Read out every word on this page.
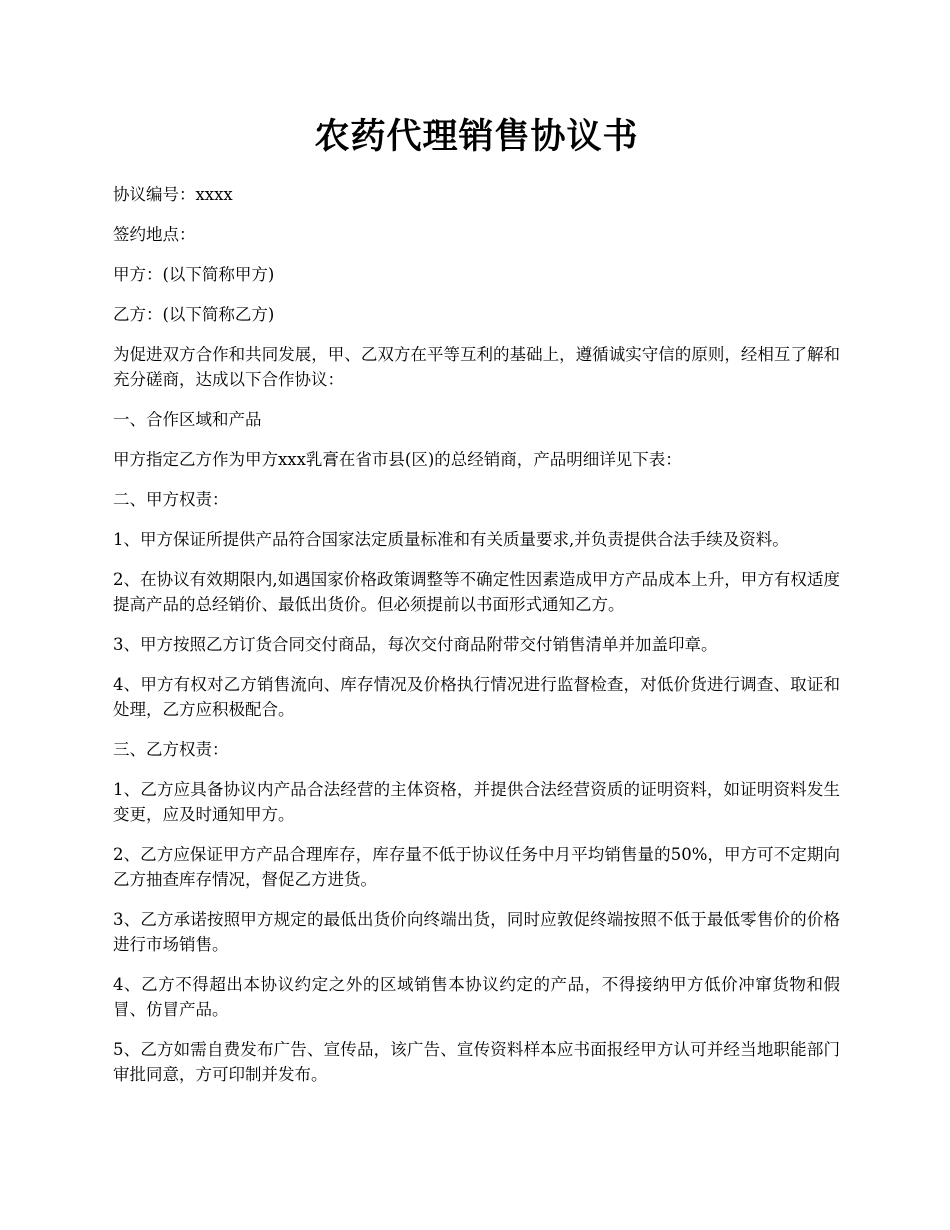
农药代理销售协议书

协议编号：xxxx

签约地点：

甲方：(以下简称甲方)

乙方：(以下简称乙方)

为促进双方合作和共同发展，甲、乙双方在平等互利的基础上，遵循诚实守信的原则，经相互了解和充分磋商，达成以下合作协议：

一、合作区域和产品

甲方指定乙方作为甲方xxx乳膏在省市县(区)的总经销商，产品明细详见下表：

二、甲方权责：

1、甲方保证所提供产品符合国家法定质量标准和有关质量要求,并负责提供合法手续及资料。

2、在协议有效期限内,如遇国家价格政策调整等不确定性因素造成甲方产品成本上升，甲方有权适度提高产品的总经销价、最低出货价。但必须提前以书面形式通知乙方。

3、甲方按照乙方订货合同交付商品，每次交付商品附带交付销售清单并加盖印章。

4、甲方有权对乙方销售流向、库存情况及价格执行情况进行监督检查，对低价货进行调查、取证和处理，乙方应积极配合。

三、乙方权责：

1、乙方应具备协议内产品合法经营的主体资格，并提供合法经营资质的证明资料，如证明资料发生变更，应及时通知甲方。

2、乙方应保证甲方产品合理库存，库存量不低于协议任务中月平均销售量的50%，甲方可不定期向乙方抽查库存情况，督促乙方进货。

3、乙方承诺按照甲方规定的最低出货价向终端出货，同时应敦促终端按照不低于最低零售价的价格进行市场销售。

4、乙方不得超出本协议约定之外的区域销售本协议约定的产品，不得接纳甲方低价冲窜货物和假冒、仿冒产品。

5、乙方如需自费发布广告、宣传品，该广告、宣传资料样本应书面报经甲方认可并经当地职能部门审批同意，方可印制并发布。
